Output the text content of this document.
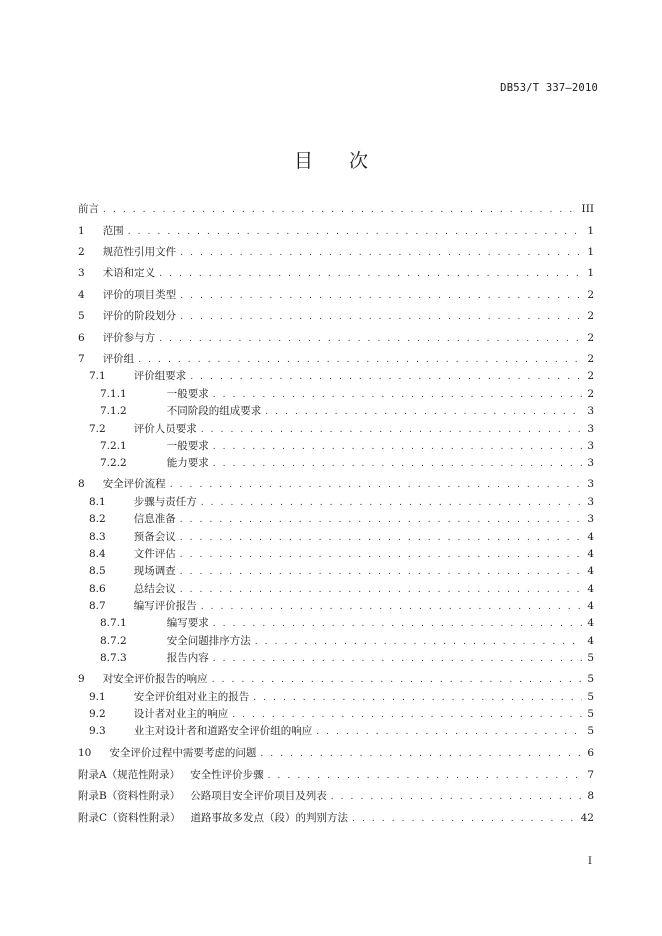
DB53/T 337—2010
目 次
前言 . . .	III
1 范围 . . .	1
2 规范性引用文件 . . .	1
3 术语和定义 . . .	1
4 评价的项目类型 . . .	2
5 评价的阶段划分 . . .	2
6 评价参与方 . . .	2
7 评价组 . . .	2
7.1	评价组要求 . . .	2
7.1.1	一般要求 . . .	2
7.1.2	不同阶段的组成要求 . . .	3
7.2	评价人员要求 . . .	3
7.2.1	一般要求 . . .	3
7.2.2	能力要求 . . .	3
8 安全评价流程 . . .	3
8.1	步骤与责任方 . . .	3
8.2	信息准备 . . .	3
8.3	预备会议 . . .	4
8.4	文件评估 . . .	4
8.5	现场调查 . . .	4
8.6	总结会议 . . .	4
8.7	编写评价报告 . . .	4
8.7.1	编写要求 . . .	4
8.7.2	安全问题排序方法 . . .	4
8.7.3	报告内容 . . .	5
9 对安全评价报告的响应 . . .	5
9.1	安全评价组对业主的报告 . . .	5
9.2	设计者对业主的响应 . . .	5
9.3	业主对设计者和道路安全评价组的响应 . . .	5
10 安全评价过程中需要考虑的问题 . . .	6
附录A（规范性附录） 安全性评价步骤 . . .	7
附录B（资料性附录） 公路项目安全评价项目及列表 . . .	8
附录C（资料性附录） 道路事故多发点（段）的判别方法 . . .	42
I
